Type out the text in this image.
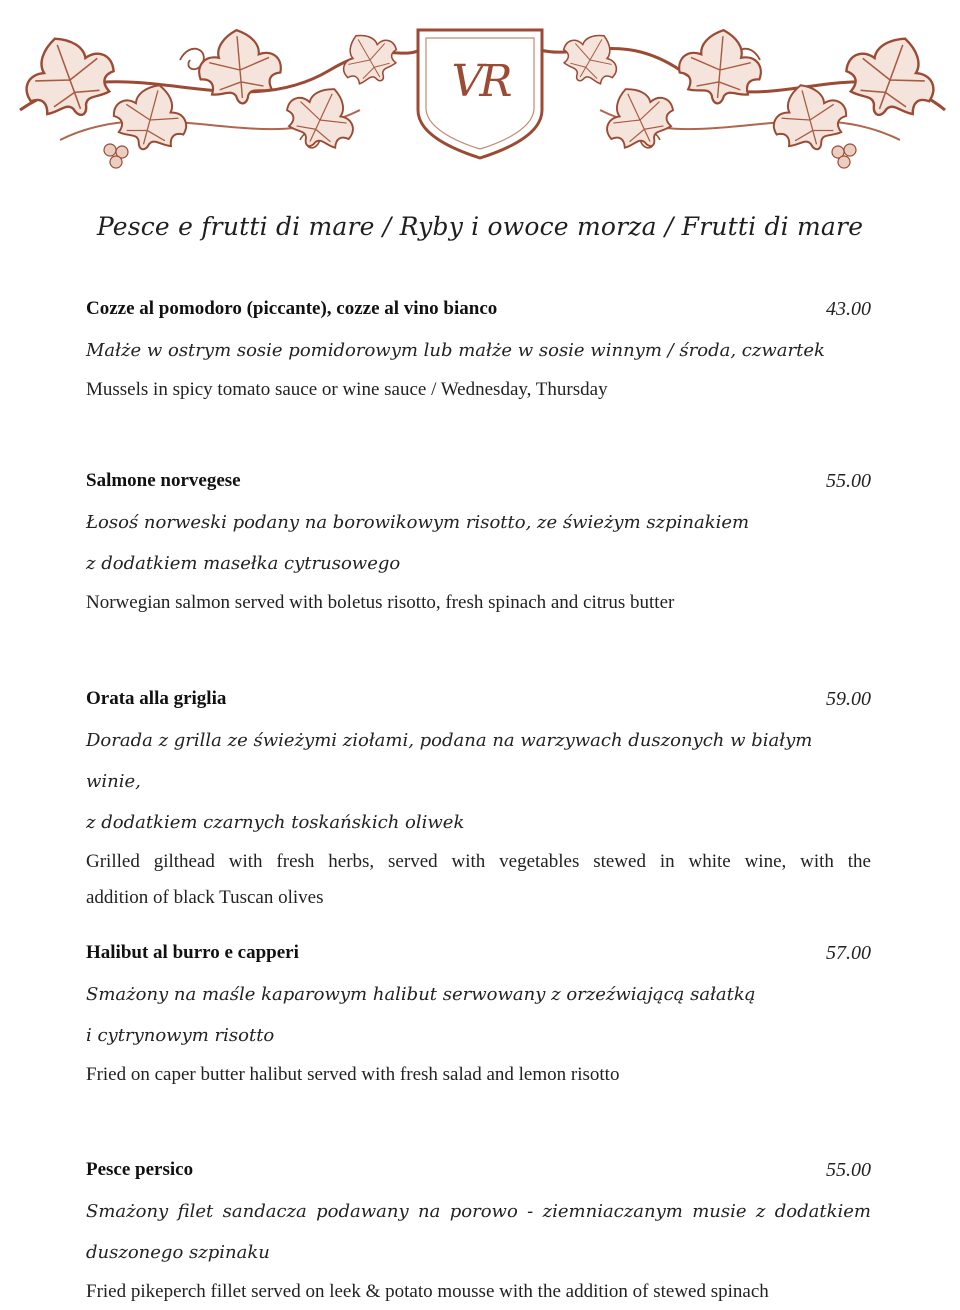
VR
Pesce e frutti di mare / Ryby i owoce morza / Frutti di mare
Cozze al pomodoro (piccante), cozze al vino bianco	43.00
Małże w ostrym sosie pomidorowym lub małże w sosie winnym / środa, czwartek
Mussels in spicy tomato sauce or wine sauce / Wednesday, Thursday
Salmone norvegese	55.00
Łosoś norweski podany na borowikowym risotto, ze świeżym szpinakiem
z dodatkiem masełka cytrusowego
Norwegian salmon served with boletus risotto, fresh spinach and citrus butter
Orata alla griglia	59.00
Dorada z grilla ze świeżymi ziołami, podana na warzywach duszonych w białym winie,
z dodatkiem czarnych toskańskich oliwek
Grilled gilthead with fresh herbs, served with vegetables stewed in white wine, with the
addition of black Tuscan olives
Halibut al burro e capperi	57.00
Smażony na maśle kaparowym halibut serwowany z orzeźwiającą sałatką
i cytrynowym risotto
Fried on caper butter halibut served with fresh salad and lemon risotto
Pesce persico	55.00
Smażony filet sandacza podawany na porowo - ziemniaczanym musie z dodatkiem
duszonego szpinaku
Fried pikeperch fillet served on leek & potato mousse with the addition of stewed spinach
